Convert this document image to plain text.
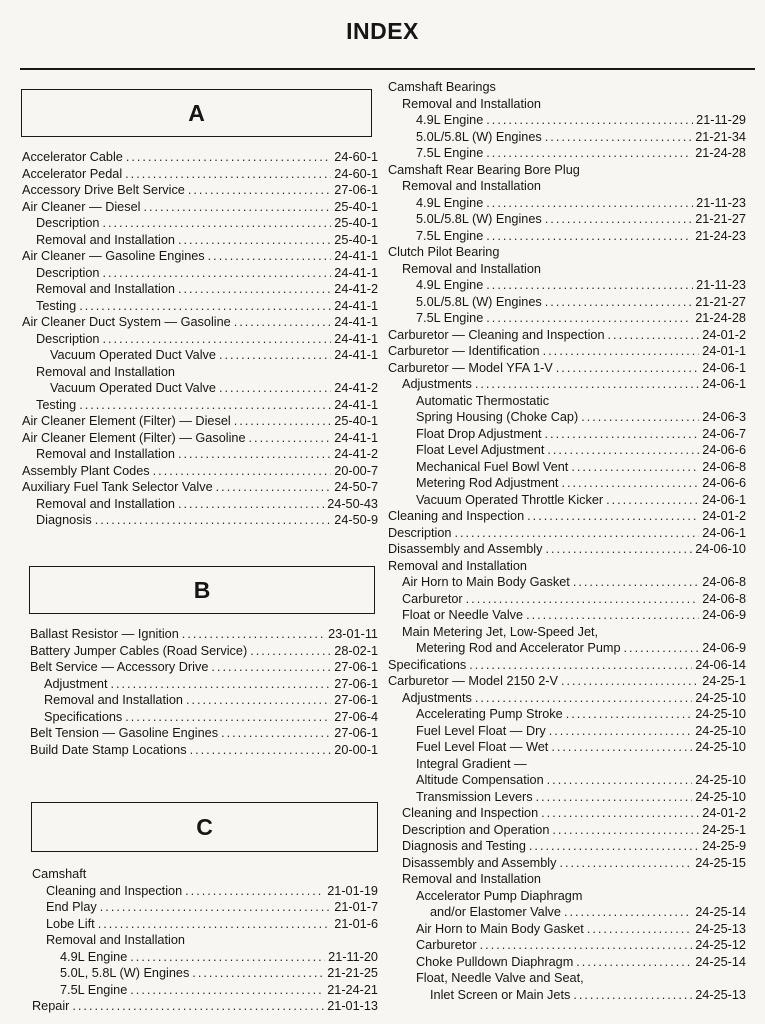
INDEX
A
B
C
Accelerator Cable .....	24-60-1
Accelerator Pedal .....	24-60-1
Accessory Drive Belt Service .....	27-06-1
Air Cleaner — Diesel .....	25-40-1
Description .....	25-40-1
Removal and Installation .....	25-40-1
Air Cleaner — Gasoline Engines .....	24-41-1
Description .....	24-41-1
Removal and Installation .....	24-41-2
Testing .....	24-41-1
Air Cleaner Duct System — Gasoline .....	24-41-1
Description .....	24-41-1
Vacuum Operated Duct Valve .....	24-41-1
Removal and Installation
Vacuum Operated Duct Valve .....	24-41-2
Testing .....	24-41-1
Air Cleaner Element (Filter) — Diesel .....	25-40-1
Air Cleaner Element (Filter) — Gasoline .....	24-41-1
Removal and Installation .....	24-41-2
Assembly Plant Codes .....	20-00-7
Auxiliary Fuel Tank Selector Valve .....	24-50-7
Removal and Installation .....	24-50-43
Diagnosis .....	24-50-9
Ballast Resistor — Ignition .....	23-01-11
Battery Jumper Cables (Road Service) .....	28-02-1
Belt Service — Accessory Drive .....	27-06-1
Adjustment .....	27-06-1
Removal and Installation .....	27-06-1
Specifications .....	27-06-4
Belt Tension — Gasoline Engines .....	27-06-1
Build Date Stamp Locations .....	20-00-1
Camshaft
Cleaning and Inspection .....	21-01-19
End Play .....	21-01-7
Lobe Lift .....	21-01-6
Removal and Installation
4.9L Engine .....	21-11-20
5.0L, 5.8L (W) Engines .....	21-21-25
7.5L Engine .....	21-24-21
Repair .....	21-01-13
Camshaft Bearings
Removal and Installation
4.9L Engine .....	21-11-29
5.0L/5.8L (W) Engines .....	21-21-34
7.5L Engine .....	21-24-28
Camshaft Rear Bearing Bore Plug
Removal and Installation
4.9L Engine .....	21-11-23
5.0L/5.8L (W) Engines .....	21-21-27
7.5L Engine .....	21-24-23
Clutch Pilot Bearing
Removal and Installation
4.9L Engine .....	21-11-23
5.0L/5.8L (W) Engines .....	21-21-27
7.5L Engine .....	21-24-28
Carburetor — Cleaning and Inspection .....	24-01-2
Carburetor — Identification .....	24-01-1
Carburetor — Model YFA 1-V .....	24-06-1
Adjustments .....	24-06-1
Automatic Thermostatic
Spring Housing (Choke Cap) .....	24-06-3
Float Drop Adjustment .....	24-06-7
Float Level Adjustment .....	24-06-6
Mechanical Fuel Bowl Vent .....	24-06-8
Metering Rod Adjustment .....	24-06-6
Vacuum Operated Throttle Kicker .....	24-06-1
Cleaning and Inspection .....	24-01-2
Description .....	24-06-1
Disassembly and Assembly .....	24-06-10
Removal and Installation
Air Horn to Main Body Gasket .....	24-06-8
Carburetor .....	24-06-8
Float or Needle Valve .....	24-06-9
Main Metering Jet, Low-Speed Jet,
Metering Rod and Accelerator Pump .....	24-06-9
Specifications .....	24-06-14
Carburetor — Model 2150 2-V .....	24-25-1
Adjustments .....	24-25-10
Accelerating Pump Stroke .....	24-25-10
Fuel Level Float — Dry .....	24-25-10
Fuel Level Float — Wet .....	24-25-10
Integral Gradient —
Altitude Compensation .....	24-25-10
Transmission Levers .....	24-25-10
Cleaning and Inspection .....	24-01-2
Description and Operation .....	24-25-1
Diagnosis and Testing .....	24-25-9
Disassembly and Assembly .....	24-25-15
Removal and Installation
Accelerator Pump Diaphragm
and/or Elastomer Valve .....	24-25-14
Air Horn to Main Body Gasket .....	24-25-13
Carburetor .....	24-25-12
Choke Pulldown Diaphragm .....	24-25-14
Float, Needle Valve and Seat,
Inlet Screen or Main Jets .....	24-25-13
